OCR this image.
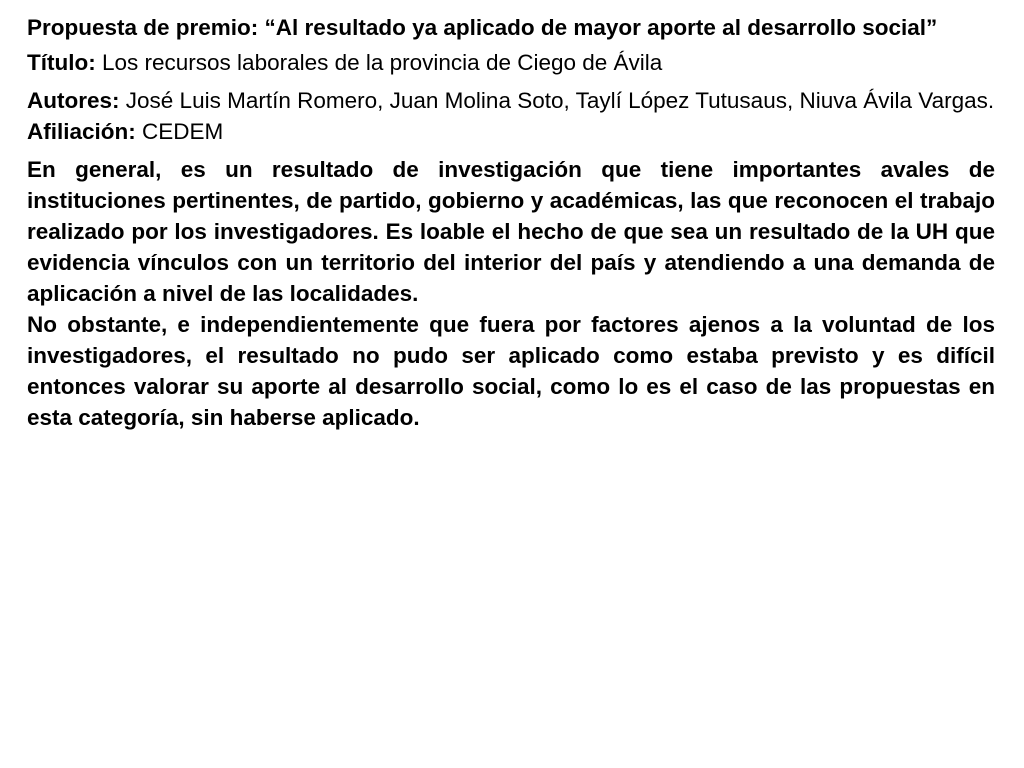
Propuesta de premio: “Al resultado ya aplicado de mayor aporte al desarrollo social”

Título: Los recursos laborales de la provincia de Ciego de Ávila

Autores: José Luis Martín Romero, Juan Molina Soto, Taylí López Tutusaus, Niuva Ávila Vargas.

Afiliación: CEDEM

En general, es un resultado de investigación que tiene importantes avales de instituciones pertinentes, de partido, gobierno y académicas, las que reconocen el trabajo realizado por los investigadores. Es loable el hecho de que sea un resultado de la UH que evidencia vínculos con un territorio del interior del país y atendiendo a una demanda de aplicación a nivel de las localidades.

No obstante, e independientemente que fuera por factores ajenos a la voluntad de los investigadores, el resultado no pudo ser aplicado como estaba previsto y es difícil entonces valorar su aporte al desarrollo social, como lo es el caso de las propuestas en esta categoría, sin haberse aplicado.
